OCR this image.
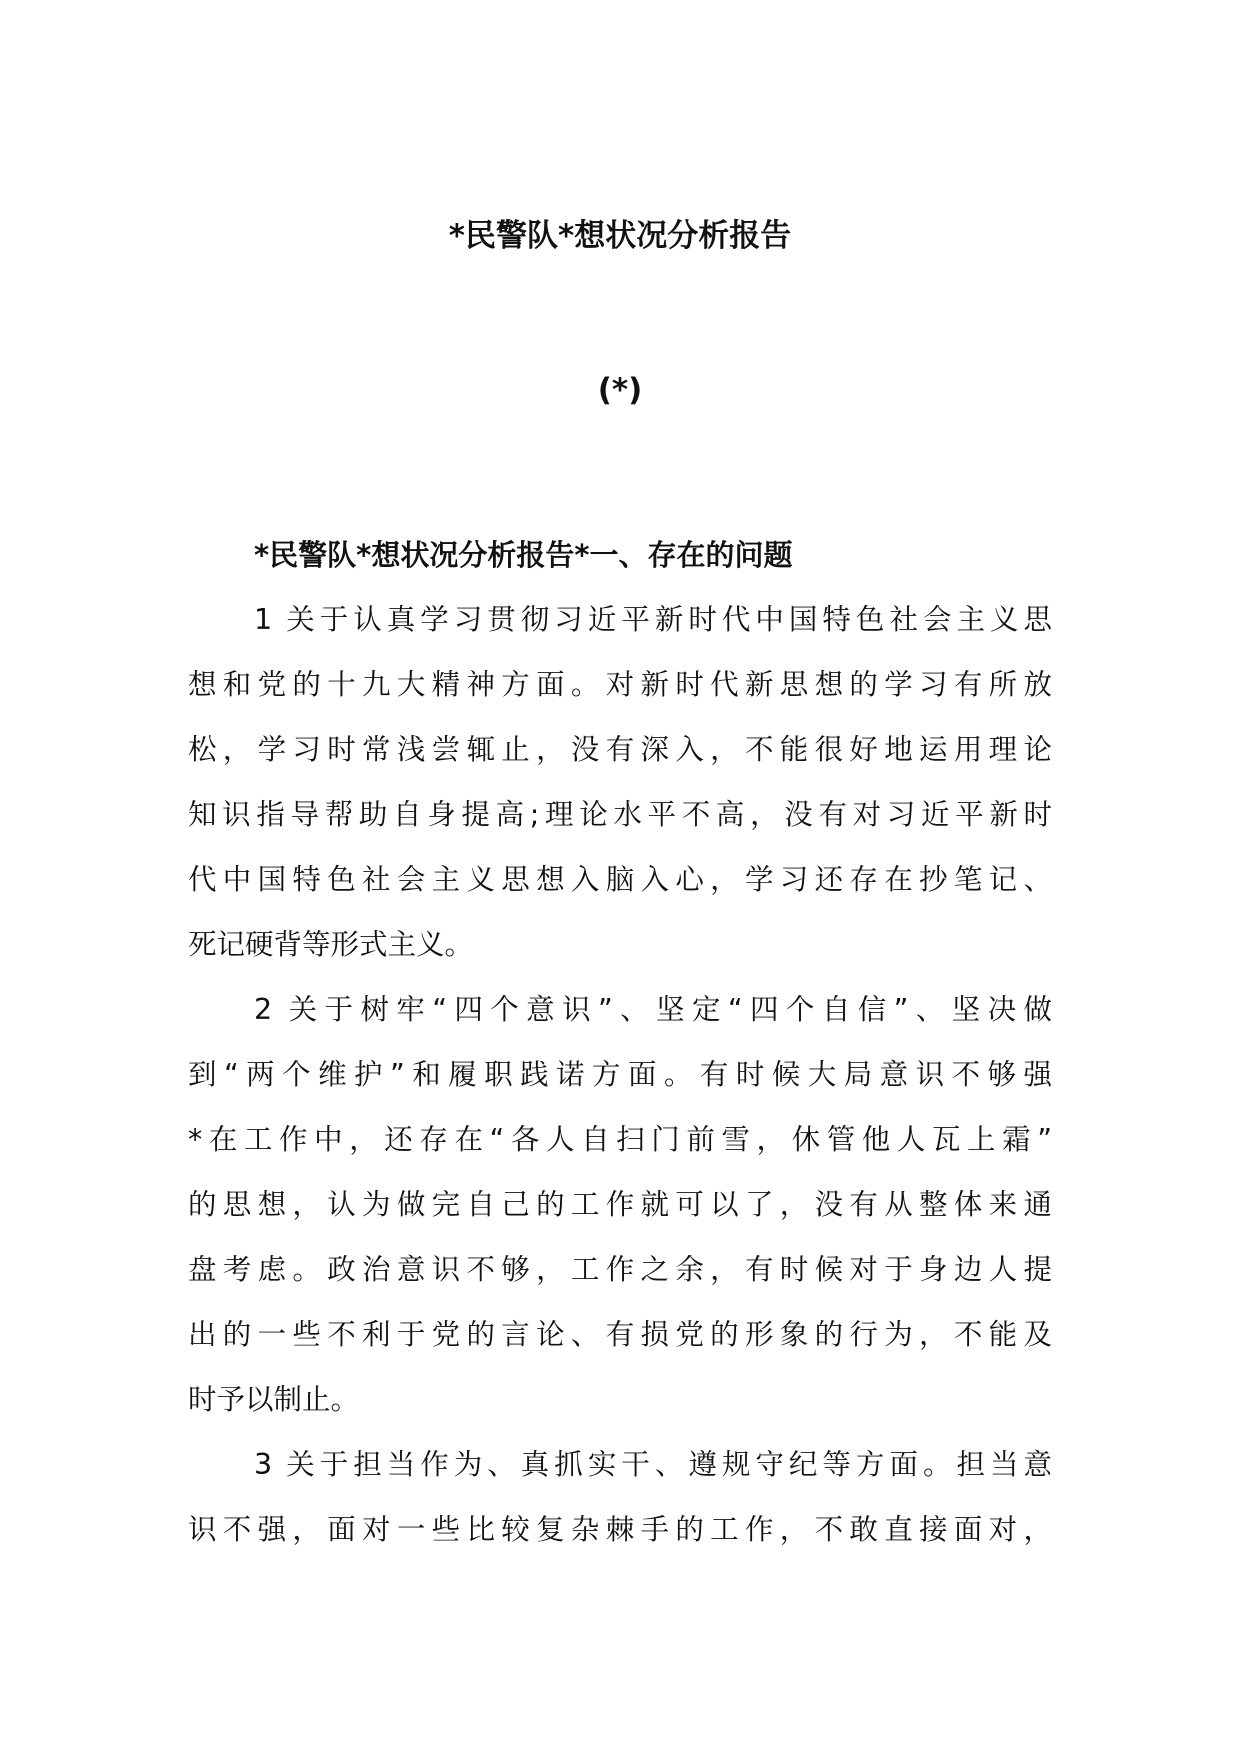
*民警队*想状况分析报告
(*)
*民警队*想状况分析报告*一、存在的问题
1 关于认真学习贯彻习近平新时代中国特色社会主义思
想和党的十九大精神方面。对新时代新思想的学习有所放
松，学习时常浅尝辄止，没有深入，不能很好地运用理论
知识指导帮助自身提高;理论水平不高，没有对习近平新时
代中国特色社会主义思想入脑入心，学习还存在抄笔记、
死记硬背等形式主义。
2 关于树牢“四个意识”、坚定“四个自信”、坚决做
到“两个维护”和履职践诺方面。有时候大局意识不够强
*在工作中，还存在“各人自扫门前雪，休管他人瓦上霜”
的思想，认为做完自己的工作就可以了，没有从整体来通
盘考虑。政治意识不够，工作之余，有时候对于身边人提
出的一些不利于党的言论、有损党的形象的行为，不能及
时予以制止。
3 关于担当作为、真抓实干、遵规守纪等方面。担当意
识不强，面对一些比较复杂棘手的工作，不敢直接面对，
